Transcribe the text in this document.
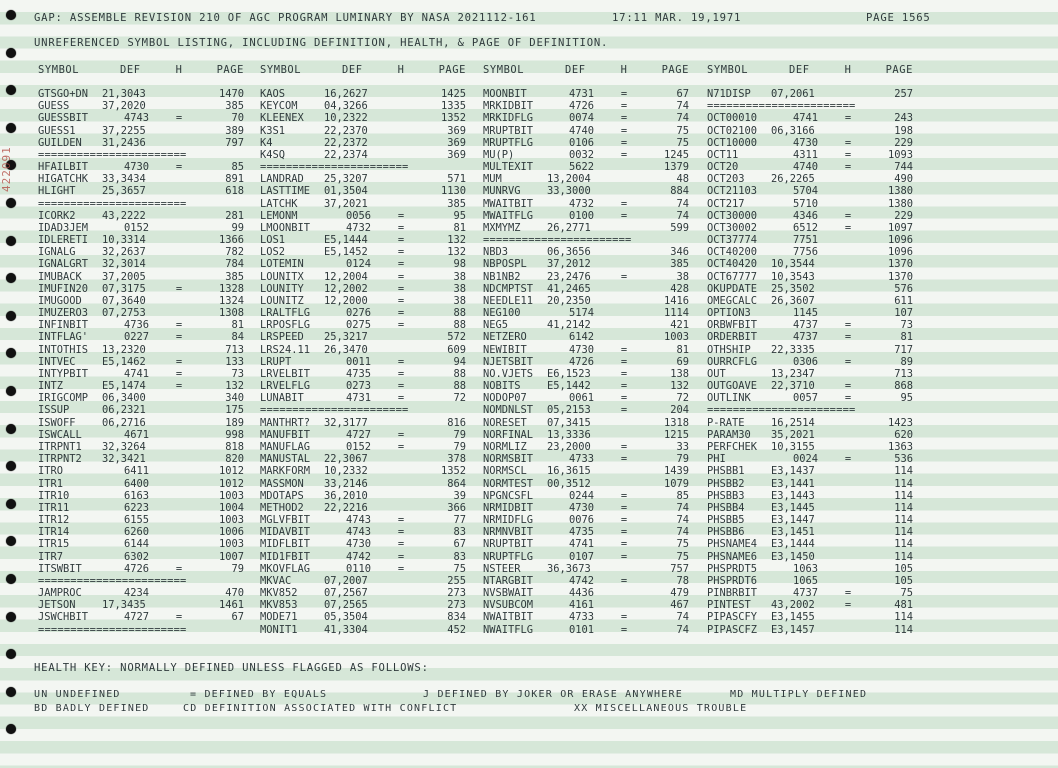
422091
GAP: ASSEMBLE REVISION 210 OF AGC PROGRAM LUMINARY BY NASA 2021112-161	17:11 MAR. 19,1971	PAGE 1565
UNREFERENCED SYMBOL LISTING, INCLUDING DEFINITION, HEALTH, & PAGE OF DEFINITION.
SYMBOL	DEF	H	PAGE
GTSGO+DN 21,3043	1470
GUESS	37,2020	385
GUESSBIT	4743	=	70
GUESS1	37,2255	389
GUILDEN 31,2436	797
=======================
HFAILBIT	4730	=	85
HIGATCHK 33,3434	891
HLIGHT	25,3657	618
=======================
ICORK2	43,2222	281
IDAD3JEM	0152	99
IDLERETI 10,3314	1366
IGNALG	32,2637	782
IGNALGRT 32,3014	784
IMUBACK 37,2005	385
IMUFIN20 07,3175	=	1328
IMUGOOD 07,3640	1324
IMUZERO3 07,2753	1308
INFINBIT	4736	=	81
INTFLAG'	0227	=	84
INTOTHIS 13,2320	713
INTVEC	E5,1462	=	133
INTYPBIT	4741	=	73
INTZ	E5,1474	=	132
IRIGCOMP 06,3400	340
ISSUP	06,2321	175
ISWOFF	06,2716	189
ISWCALL	4671	998
ITRPNT1 32,3264	818
ITRPNT2 32,3421	820
ITRO	6411	1012
ITR1	6400	1012
ITR10	6163	1003
ITR11	6223	1004
ITR12	6155	1003
ITR14	6260	1006
ITR15	6144	1003
ITR7	6302	1007
ITSWBIT	4726	=	79
=======================
JAMPROC	4234	470
JETSON	17,3435	1461
JSWCHBIT	4727	=	67
=======================
SYMBOL	DEF	H	PAGE
KAOS	16,2627	1425
KEYCOM	04,3266	1335
KLEENEX 10,2322	1352
K3S1	22,2370	369
K4	22,2372	369
K4SQ	22,2374	369
=======================
LANDRAD 25,3207	571
LASTTIME 01,3504	1130
LATCHK	37,2021	385
LEMONM	0056	=	95
LMOONBIT	4732	=	81
LOS1	E5,1444	=	132
LOS2	E5,1452	=	132
LOTEMIN	0124	=	98
LOUNITX 12,2004	=	38
LOUNITY 12,2002	=	38
LOUNITZ 12,2000	=	38
LRALTFLG	0276	=	88
LRPOSFLG	0275	=	88
LRSPEED 25,3217	572
LRS24.11 26,3470	609
LRUPT	0011	=	94
LRVELBIT	4735	=	88
LRVELFLG	0273	=	88
LUNABIT	4731	=	72
=======================
MANTHRT? 32,3177	816
MANUFBIT	4727	=	79
MANUFLAG	0152	=	79
MANUSTAL 22,3067	378
MARKFORM 10,2332	1352
MASSMON 33,2146	864
MDOTAPS 36,2010	39
METHOD2 22,2216	366
MGLVFBIT	4743	=	77
MIDAVBIT	4743	=	83
MIDFLBIT	4730	=	67
MID1FBIT	4742	=	83
MKOVFLAG	0110	=	75
MKVAC	07,2007	255
MKV852	07,2567	273
MKV853	07,2565	273
MODE71	05,3504	834
MONIT1	41,3304	452
SYMBOL	DEF	H	PAGE
MOONBIT	4731	=	67
MRKIDBIT	4726	=	74
MRKIDFLG	0074	=	74
MRUPTBIT	4740	=	75
MRUPTFLG	0106	=	75
MU(P)	0032	=	1245
MULTEXIT	5622	1379
MUM	13,2004	48
MUNRVG	33,3000	884
MWAITBIT	4732	=	74
MWAITFLG	0100	=	74
MXMYMZ	26,2771	599
=======================
NBD3	06,3656	346
NBPOSPL 37,2012	385
NB1NB2	23,2476	=	38
NDCMPTST 41,2465	428
NEEDLE11 20,2350	1416
NEG100	5174	1114
NEG5	41,2142	421
NETZERO	6142	1003
NEWIBIT	4730	=	81
NJETSBIT	4726	=	69
NO.VJETS E6,1523	=	138
NOBITS	E5,1442	=	132
NODOP07	0061	=	72
NOMDNLST 05,2153	=	204
NORESET 07,3415	1318
NORFINAL 13,3336	1215
NORMLIZ 23,2000	=	33
NORMSBIT	4733	=	79
NORMSCL 16,3615	1439
NORMTEST 00,3512	1079
NPGNCSFL	0244	=	85
NRMIDBIT	4730	=	74
NRMIDFLG	0076	=	74
NRMNVBIT	4735	=	74
NRUPTBIT	4741	=	75
NRUPTFLG	0107	=	75
NSTEER	36,3673	757
NTARGBIT	4742	=	78
NVSBWAIT	4436	479
NVSUBCOM	4161	467
NWAITBIT	4733	=	74
NWAITFLG	0101	=	74
SYMBOL	DEF	H	PAGE
N71DISP 07,2061	257
=======================
OCT00010	4741	=	243
OCT02100 06,3166	198
OCT10000	4730	=	229
OCT11	4311	=	1093
OCT20	4740	=	744
OCT203	26,2265	490
OCT21103	5704	1380
OCT217	5710	1380
OCT30000	4346	=	229
OCT30002	6512	=	1097
OCT37774	7751	1096
OCT40200	7756	1096
OCT40420 10,3544	1370
OCT67777 10,3543	1370
OKUPDATE 25,3502	576
OMEGCALC 26,3607	611
OPTION3	1145	107
ORBWFBIT	4737	=	73
ORDERBIT	4737	=	81
OTHSHIP 22,3335	717
OURRCFLG	0306	=	89
OUT	13,2347	713
OUTGOAVE 22,3710	=	868
OUTLINK	0057	=	95
=======================
P-RATE	16,2514	1423
PARAM30 35,2021	620
PERFCHEK 10,3155	1363
PHI	0024	=	536
PHSBB1	E3,1437	114
PHSBB2	E3,1441	114
PHSBB3	E3,1443	114
PHSBB4	E3,1445	114
PHSBB5	E3,1447	114
PHSBB6	E3,1451	114
PHSNAME4 E3,1444	114
PHSNAME6 E3,1450	114
PHSPRDT5	1063	105
PHSPRDT6	1065	105
PINBRBIT	4737	=	75
PINTEST 43,2002	=	481
PIPASCFY E3,1455	114
PIPASCFZ E3,1457	114
HEALTH KEY: NORMALLY DEFINED UNLESS FLAGGED AS FOLLOWS:
UN UNDEFINED	= DEFINED BY EQUALS	J DEFINED BY JOKER OR ERASE ANYWHERE	MD MULTIPLY DEFINED
BD BADLY DEFINED	CD DEFINITION ASSOCIATED WITH CONFLICT	XX MISCELLANEOUS TROUBLE
